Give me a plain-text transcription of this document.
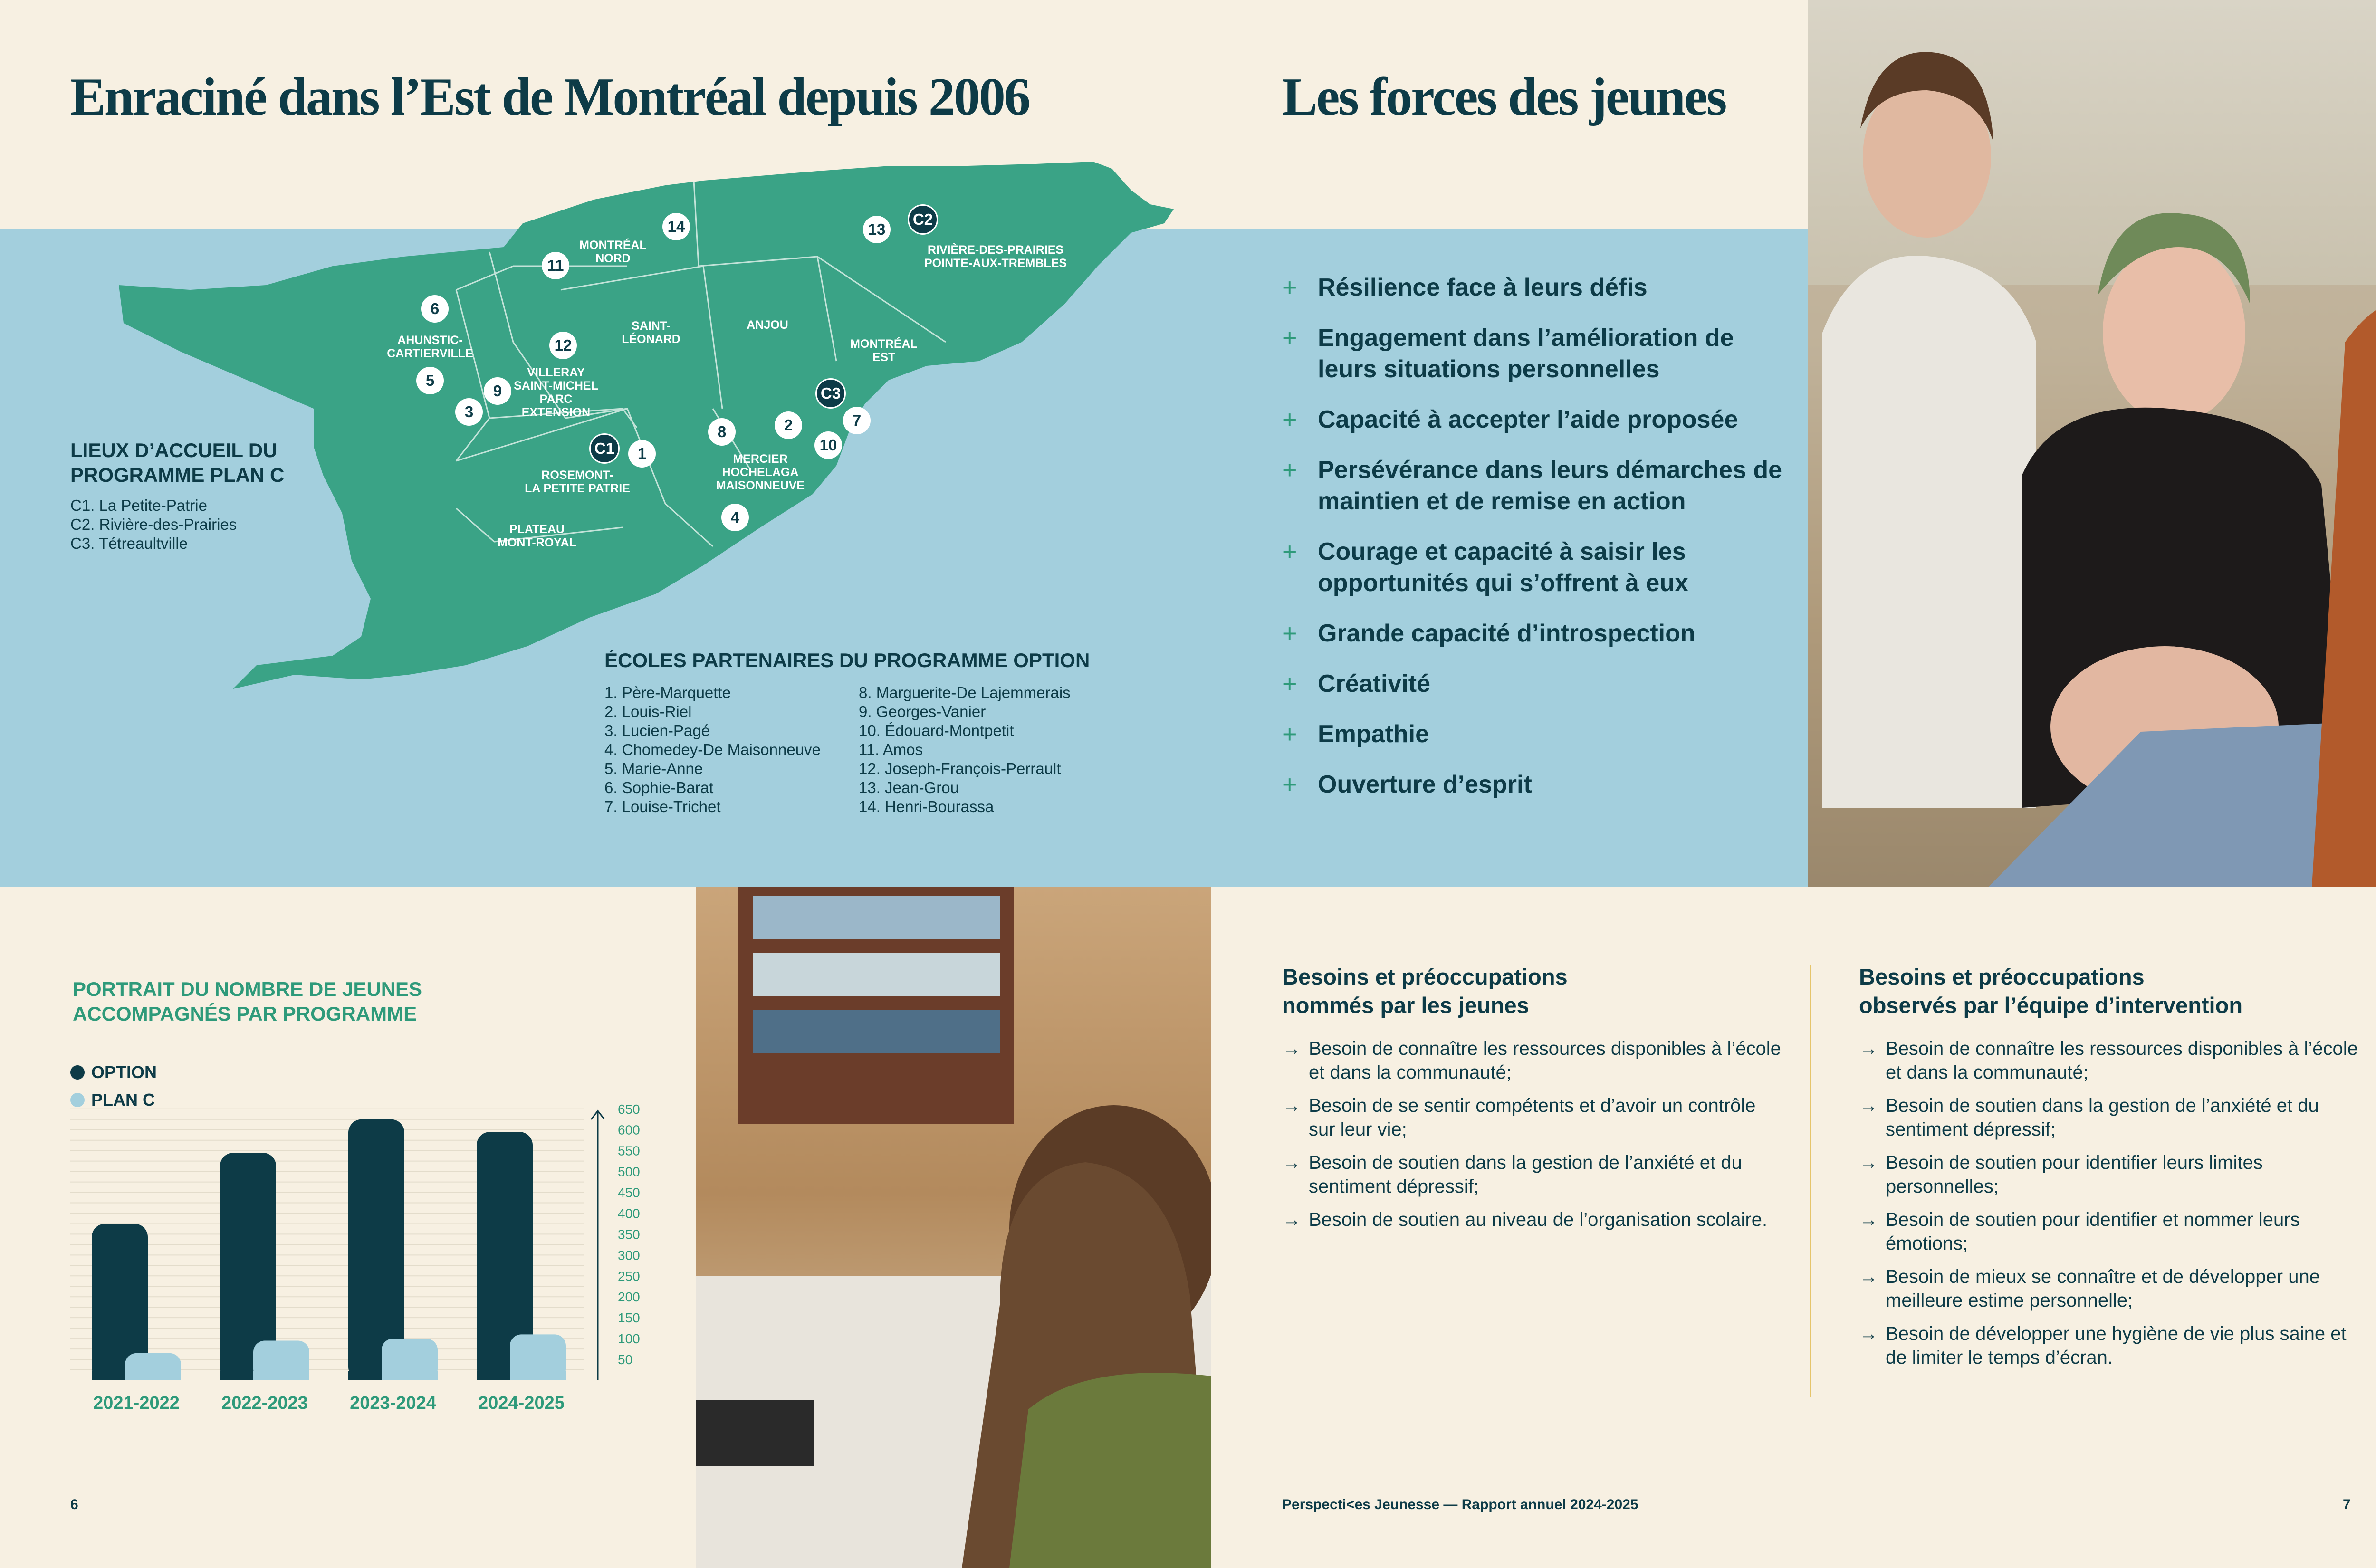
Enraciné dans l’Est de Montréal depuis 2006	Les forces des jeunes
MONTRÉAL
NORD
RIVIÈRE-DES-PRAIRIES
POINTE-AUX-TREMBLES
AHUNSTIC-
CARTIERVILLE
SAINT-
LÉONARD
ANJOU
MONTRÉAL
EST
VILLERAY
SAINT-MICHEL
PARC
EXTENSION
ROSEMONT-
LA PETITE PATRIE
MERCIER
HOCHELAGA
MAISONNEUVE
PLATEAU
MONT-ROYAL
14	13
11
6
12
5
9
3
8	2	7
10
1
4
C2
C3
C1
LIEUX D’ACCUEIL DU
PROGRAMME PLAN C
C1. La Petite-Patrie
C2. Rivière-des-Prairies
C3. Tétreaultville
ÉCOLES PARTENAIRES DU PROGRAMME OPTION
1. Père-Marquette
2. Louis-Riel
3. Lucien-Pagé
4. Chomedey-De Maisonneuve
5. Marie-Anne
6. Sophie-Barat
7. Louise-Trichet
8. Marguerite-De Lajemmerais
9. Georges-Vanier
10. Édouard-Montpetit
11. Amos
12. Joseph-François-Perrault
13. Jean-Grou
14. Henri-Bourassa
+ Résilience face à leurs défis
+ Engagement dans l’amélioration de leurs situations personnelles
+ Capacité à accepter l’aide proposée
+ Persévérance dans leurs démarches de maintien et de remise en action
+ Courage et capacité à saisir les opportunités qui s’offrent à eux
+ Grande capacité d’introspection
+ Créativité
+ Empathie
+ Ouverture d’esprit
PORTRAIT DU NOMBRE DE JEUNES
ACCOMPAGNÉS PAR PROGRAMME
OPTION
PLAN C
50
100
150
200
250
300
350
400
450
500
550
600
650
2021-2022 2022-2023 2023-2024 2024-2025
Besoins et préoccupations
nommés par les jeunes
→ Besoin de connaître les ressources disponibles à l’école et dans la communauté;
→ Besoin de se sentir compétents et d’avoir un contrôle sur leur vie;
→ Besoin de soutien dans la gestion de l’anxiété et du sentiment dépressif;
→ Besoin de soutien au niveau de l’organisation scolaire.
Besoins et préoccupations
observés par l’équipe d’intervention
→ Besoin de connaître les ressources disponibles à l’école et dans la communauté;
→ Besoin de soutien dans la gestion de l’anxiété et du sentiment dépressif;
→ Besoin de soutien pour identifier leurs limites personnelles;
→ Besoin de soutien pour identifier et nommer leurs émotions;
→ Besoin de mieux se connaître et de développer une meilleure estime personnelle;
→ Besoin de développer une hygiène de vie plus saine et de limiter le temps d’écran.
6	Perspecti<es Jeunesse — Rapport annuel 2024-2025	7
